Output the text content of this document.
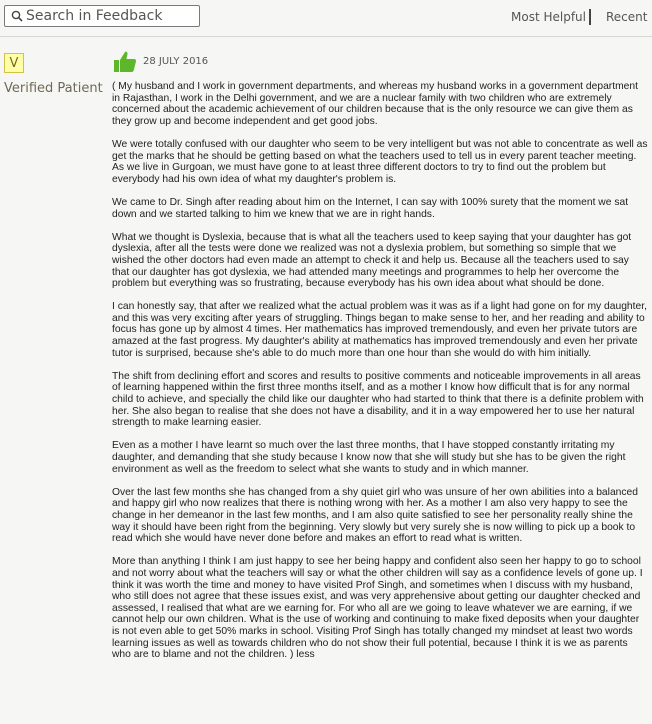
Search in Feedback	Most Helpful Recent
V
Verified Patient
28 JULY 2016

( My husband and I work in government departments, and whereas my husband works in a government department in Rajasthan, I work in the Delhi government, and we are a nuclear family with two children who are extremely concerned about the academic achievement of our children because that is the only resource we can give them as they grow up and become independent and get good jobs.

We were totally confused with our daughter who seem to be very intelligent but was not able to concentrate as well as get the marks that he should be getting based on what the teachers used to tell us in every parent teacher meeting. As we live in Gurgoan, we must have gone to at least three different doctors to try to find out the problem but everybody had his own idea of what my daughter's problem is.

We came to Dr. Singh after reading about him on the Internet, I can say with 100% surety that the moment we sat down and we started talking to him we knew that we are in right hands.

What we thought is Dyslexia, because that is what all the teachers used to keep saying that your daughter has got dyslexia, after all the tests were done we realized was not a dyslexia problem, but something so simple that we wished the other doctors had even made an attempt to check it and help us. Because all the teachers used to say that our daughter has got dyslexia, we had attended many meetings and programmes to help her overcome the problem but everything was so frustrating, because everybody has his own idea about what should be done.

I can honestly say, that after we realized what the actual problem was it was as if a light had gone on for my daughter, and this was very exciting after years of struggling. Things began to make sense to her, and her reading and ability to focus has gone up by almost 4 times. Her mathematics has improved tremendously, and even her private tutors are amazed at the fast progress. My daughter's ability at mathematics has improved tremendously and even her private tutor is surprised, because she's able to do much more than one hour than she would do with him initially.

The shift from declining effort and scores and results to positive comments and noticeable improvements in all areas of learning happened within the first three months itself, and as a mother I know how difficult that is for any normal child to achieve, and specially the child like our daughter who had started to think that there is a definite problem with her. She also began to realise that she does not have a disability, and it in a way empowered her to use her natural strength to make learning easier.

Even as a mother I have learnt so much over the last three months, that I have stopped constantly irritating my daughter, and demanding that she study because I know now that she will study but she has to be given the right environment as well as the freedom to select what she wants to study and in which manner.

Over the last few months she has changed from a shy quiet girl who was unsure of her own abilities into a balanced and happy girl who now realizes that there is nothing wrong with her. As a mother I am also very happy to see the change in her demeanor in the last few months, and I am also quite satisfied to see her personality really shine the way it should have been right from the beginning. Very slowly but very surely she is now willing to pick up a book to read which she would have never done before and makes an effort to read what is written.

More than anything I think I am just happy to see her being happy and confident also seen her happy to go to school and not worry about what the teachers will say or what the other children will say as a confidence levels of gone up. I think it was worth the time and money to have visited Prof Singh, and sometimes when I discuss with my husband, who still does not agree that these issues exist, and was very apprehensive about getting our daughter checked and assessed, I realised that what are we earning for. For who all are we going to leave whatever we are earning, if we cannot help our own children. What is the use of working and continuing to make fixed deposits when your daughter is not even able to get 50% marks in school. Visiting Prof Singh has totally changed my mindset at least two words learning issues as well as towards children who do not show their full potential, because I think it is we as parents who are to blame and not the children. ) less
